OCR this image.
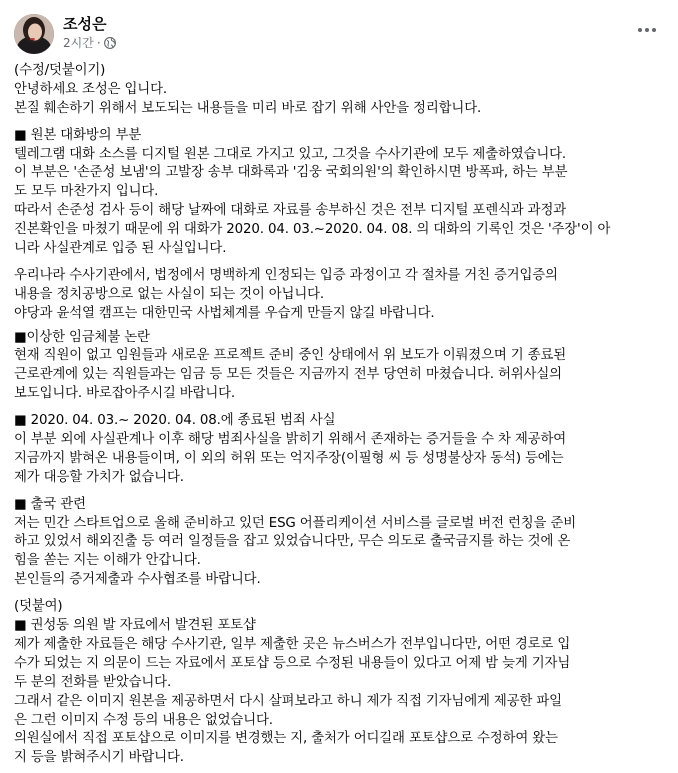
조성은
2시간 ·
(수정/덧붙이기)
안녕하세요 조성은 입니다.
본질 훼손하기 위해서 보도되는 내용들을 미리 바로 잡기 위해 사안을 정리합니다.
■ 원본 대화방의 부분
텔레그램 대화 소스를 디지털 원본 그대로 가지고 있고, 그것을 수사기관에 모두 제출하였습니다.
이 부분은 '손준성 보냄'의 고발장 송부 대화록과 '김웅 국회의원'의 확인하시면 방폭파, 하는 부분
도 모두 마찬가지 입니다.
따라서 손준성 검사 등이 해당 날짜에 대화로 자료를 송부하신 것은 전부 디지털 포렌식과 과정과
진본확인을 마쳤기 때문에 위 대화가 2020. 04. 03.~2020. 04. 08. 의 대화의 기록인 것은 '주장'이 아
니라 사실관계로 입증 된 사실입니다.
우리나라 수사기관에서, 법정에서 명백하게 인정되는 입증 과정이고 각 절차를 거친 증거입증의
내용을 정치공방으로 없는 사실이 되는 것이 아닙니다.
야당과 윤석열 캠프는 대한민국 사법체계를 우습게 만들지 않길 바랍니다.
■이상한 임금체불 논란
현재 직원이 없고 임원들과 새로운 프로젝트 준비 중인 상태에서 위 보도가 이뤄졌으며 기 종료된
근로관계에 있는 직원들과는 임금 등 모든 것들은 지금까지 전부 당연히 마쳤습니다. 허위사실의
보도입니다. 바로잡아주시길 바랍니다.
■ 2020. 04. 03.~ 2020. 04. 08.에 종료된 범죄 사실
이 부분 외에 사실관계나 이후 해당 범죄사실을 밝히기 위해서 존재하는 증거들을 수 차 제공하여
지금까지 밝혀온 내용들이며, 이 외의 허위 또는 억지주장(이필형 씨 등 성명불상자 동석) 등에는
제가 대응할 가치가 없습니다.
■ 출국 관련
저는 민간 스타트업으로 올해 준비하고 있던 ESG 어플리케이션 서비스를 글로벌 버전 런칭을 준비
하고 있었서 해외진출 등 여러 일정들을 잡고 있었습니다만, 무슨 의도로 출국금지를 하는 것에 온
힘을 쏟는 지는 이해가 안갑니다.
본인들의 증거제출과 수사협조를 바랍니다.
(덧붙여)
■ 권성동 의원 발 자료에서 발견된 포토샵
제가 제출한 자료들은 해당 수사기관, 일부 제출한 곳은 뉴스버스가 전부입니다만, 어떤 경로로 입
수가 되었는 지 의문이 드는 자료에서 포토샵 등으로 수정된 내용들이 있다고 어제 밤 늦게 기자님
두 분의 전화를 받았습니다.
그래서 같은 이미지 원본을 제공하면서 다시 살펴보라고 하니 제가 직접 기자님에게 제공한 파일
은 그런 이미지 수정 등의 내용은 없었습니다.
의원실에서 직접 포토샵으로 이미지를 변경했는 지, 출처가 어디길래 포토샵으로 수정하여 왔는
지 등을 밝혀주시기 바랍니다.
